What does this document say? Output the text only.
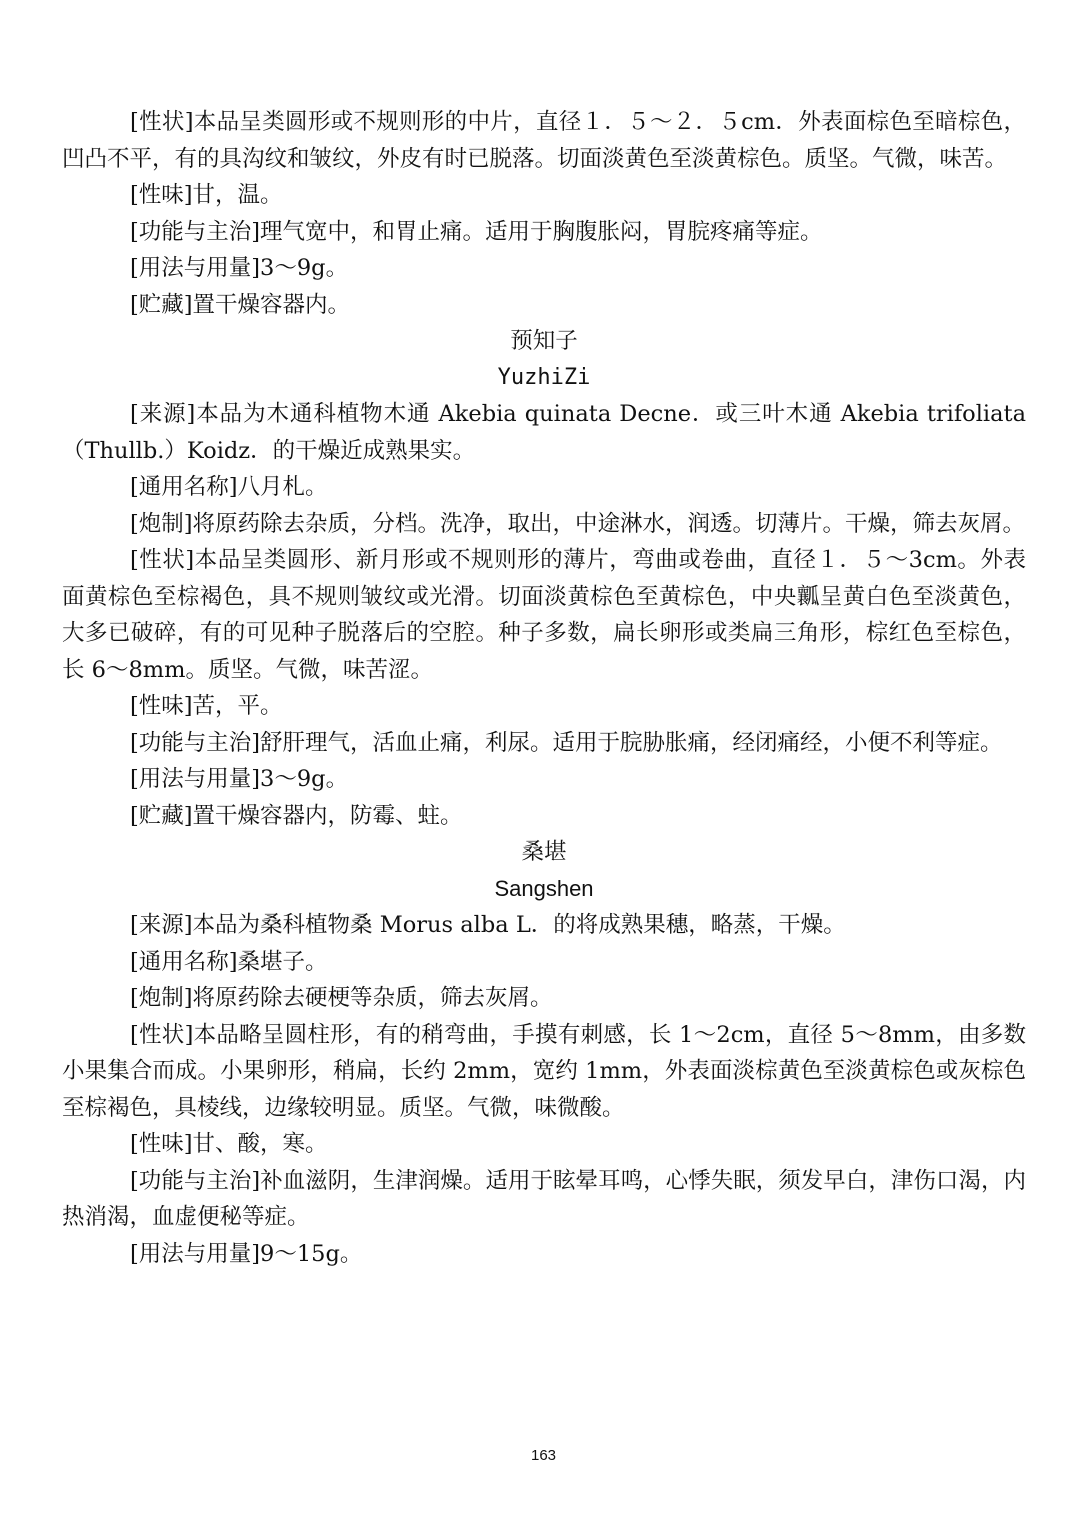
[性状]本品呈类圆形或不规则形的中片，直径１．５～２．５cm．外表面棕色至暗棕色，凹凸不平，有的具沟纹和皱纹，外皮有时已脱落。切面淡黄色至淡黄棕色。质坚。气微，味苦。

[性味]甘，温。

[功能与主治]理气宽中，和胃止痛。适用于胸腹胀闷，胃脘疼痛等症。

[用法与用量]3～9g。

[贮藏]置干燥容器内。

预知子

YuzhiZi

[来源]本品为木通科植物木通 Akebia quinata Decne．或三叶木通 Akebia trifoliata（Thullb.）Koidz．的干燥近成熟果实。

[通用名称]八月札。

[炮制]将原药除去杂质，分档。洗净，取出，中途淋水，润透。切薄片。干燥，筛去灰屑。

[性状]本品呈类圆形、新月形或不规则形的薄片，弯曲或卷曲，直径１．５～3cm。外表面黄棕色至棕褐色，具不规则皱纹或光滑。切面淡黄棕色至黄棕色，中央瓤呈黄白色至淡黄色，大多已破碎，有的可见种子脱落后的空腔。种子多数，扁长卵形或类扁三角形，棕红色至棕色，长 6～8mm。质坚。气微，味苦涩。

[性味]苦，平。

[功能与主治]舒肝理气，活血止痛，利尿。适用于脘胁胀痛，经闭痛经，小便不利等症。

[用法与用量]3～9g。

[贮藏]置干燥容器内，防霉、蛀。

桑堪

Sangshen

[来源]本品为桑科植物桑 Morus alba L．的将成熟果穗，略蒸，干燥。

[通用名称]桑堪子。

[炮制]将原药除去硬梗等杂质，筛去灰屑。

[性状]本品略呈圆柱形，有的稍弯曲，手摸有刺感，长 1～2cm，直径 5～8mm，由多数小果集合而成。小果卵形，稍扁，长约 2mm，宽约 1mm，外表面淡棕黄色至淡黄棕色或灰棕色至棕褐色，具棱线，边缘较明显。质坚。气微，味微酸。

[性味]甘、酸，寒。

[功能与主治]补血滋阴，生津润燥。适用于眩晕耳鸣，心悸失眠，须发早白，津伤口渴，内热消渴，血虚便秘等症。

[用法与用量]9～15g。

163
